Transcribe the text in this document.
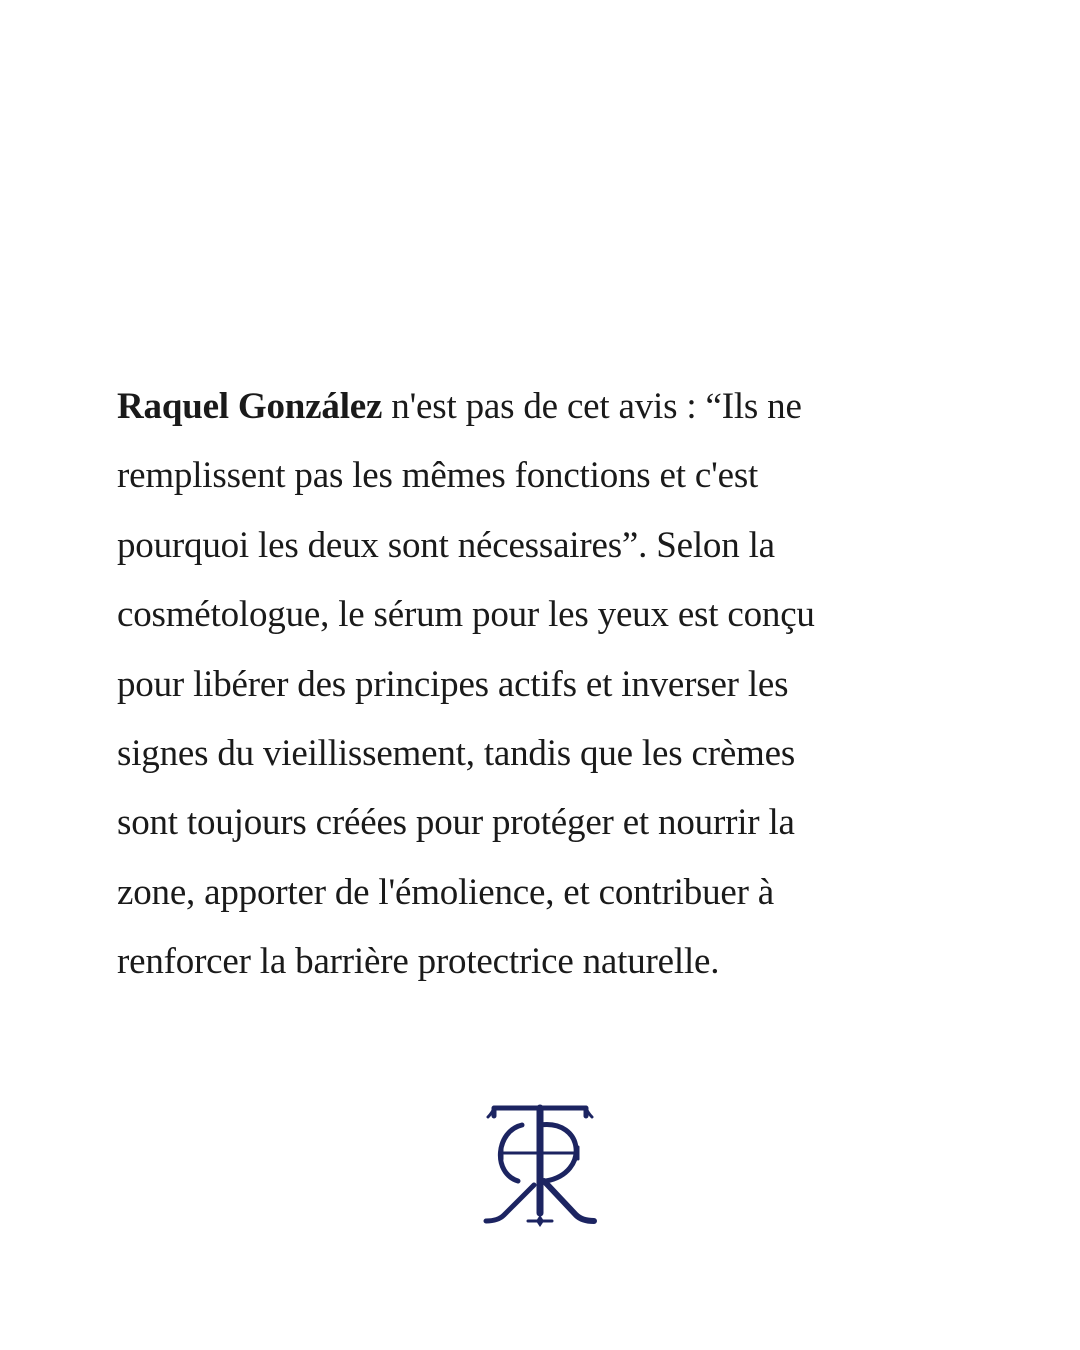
Raquel González n'est pas de cet avis : “Ils ne
remplissent pas les mêmes fonctions et c'est
pourquoi les deux sont nécessaires”. Selon la
cosmétologue, le sérum pour les yeux est conçu
pour libérer des principes actifs et inverser les
signes du vieillissement, tandis que les crèmes
sont toujours créées pour protéger et nourrir la
zone, apporter de l'émolience, et contribuer à
renforcer la barrière protectrice naturelle.
